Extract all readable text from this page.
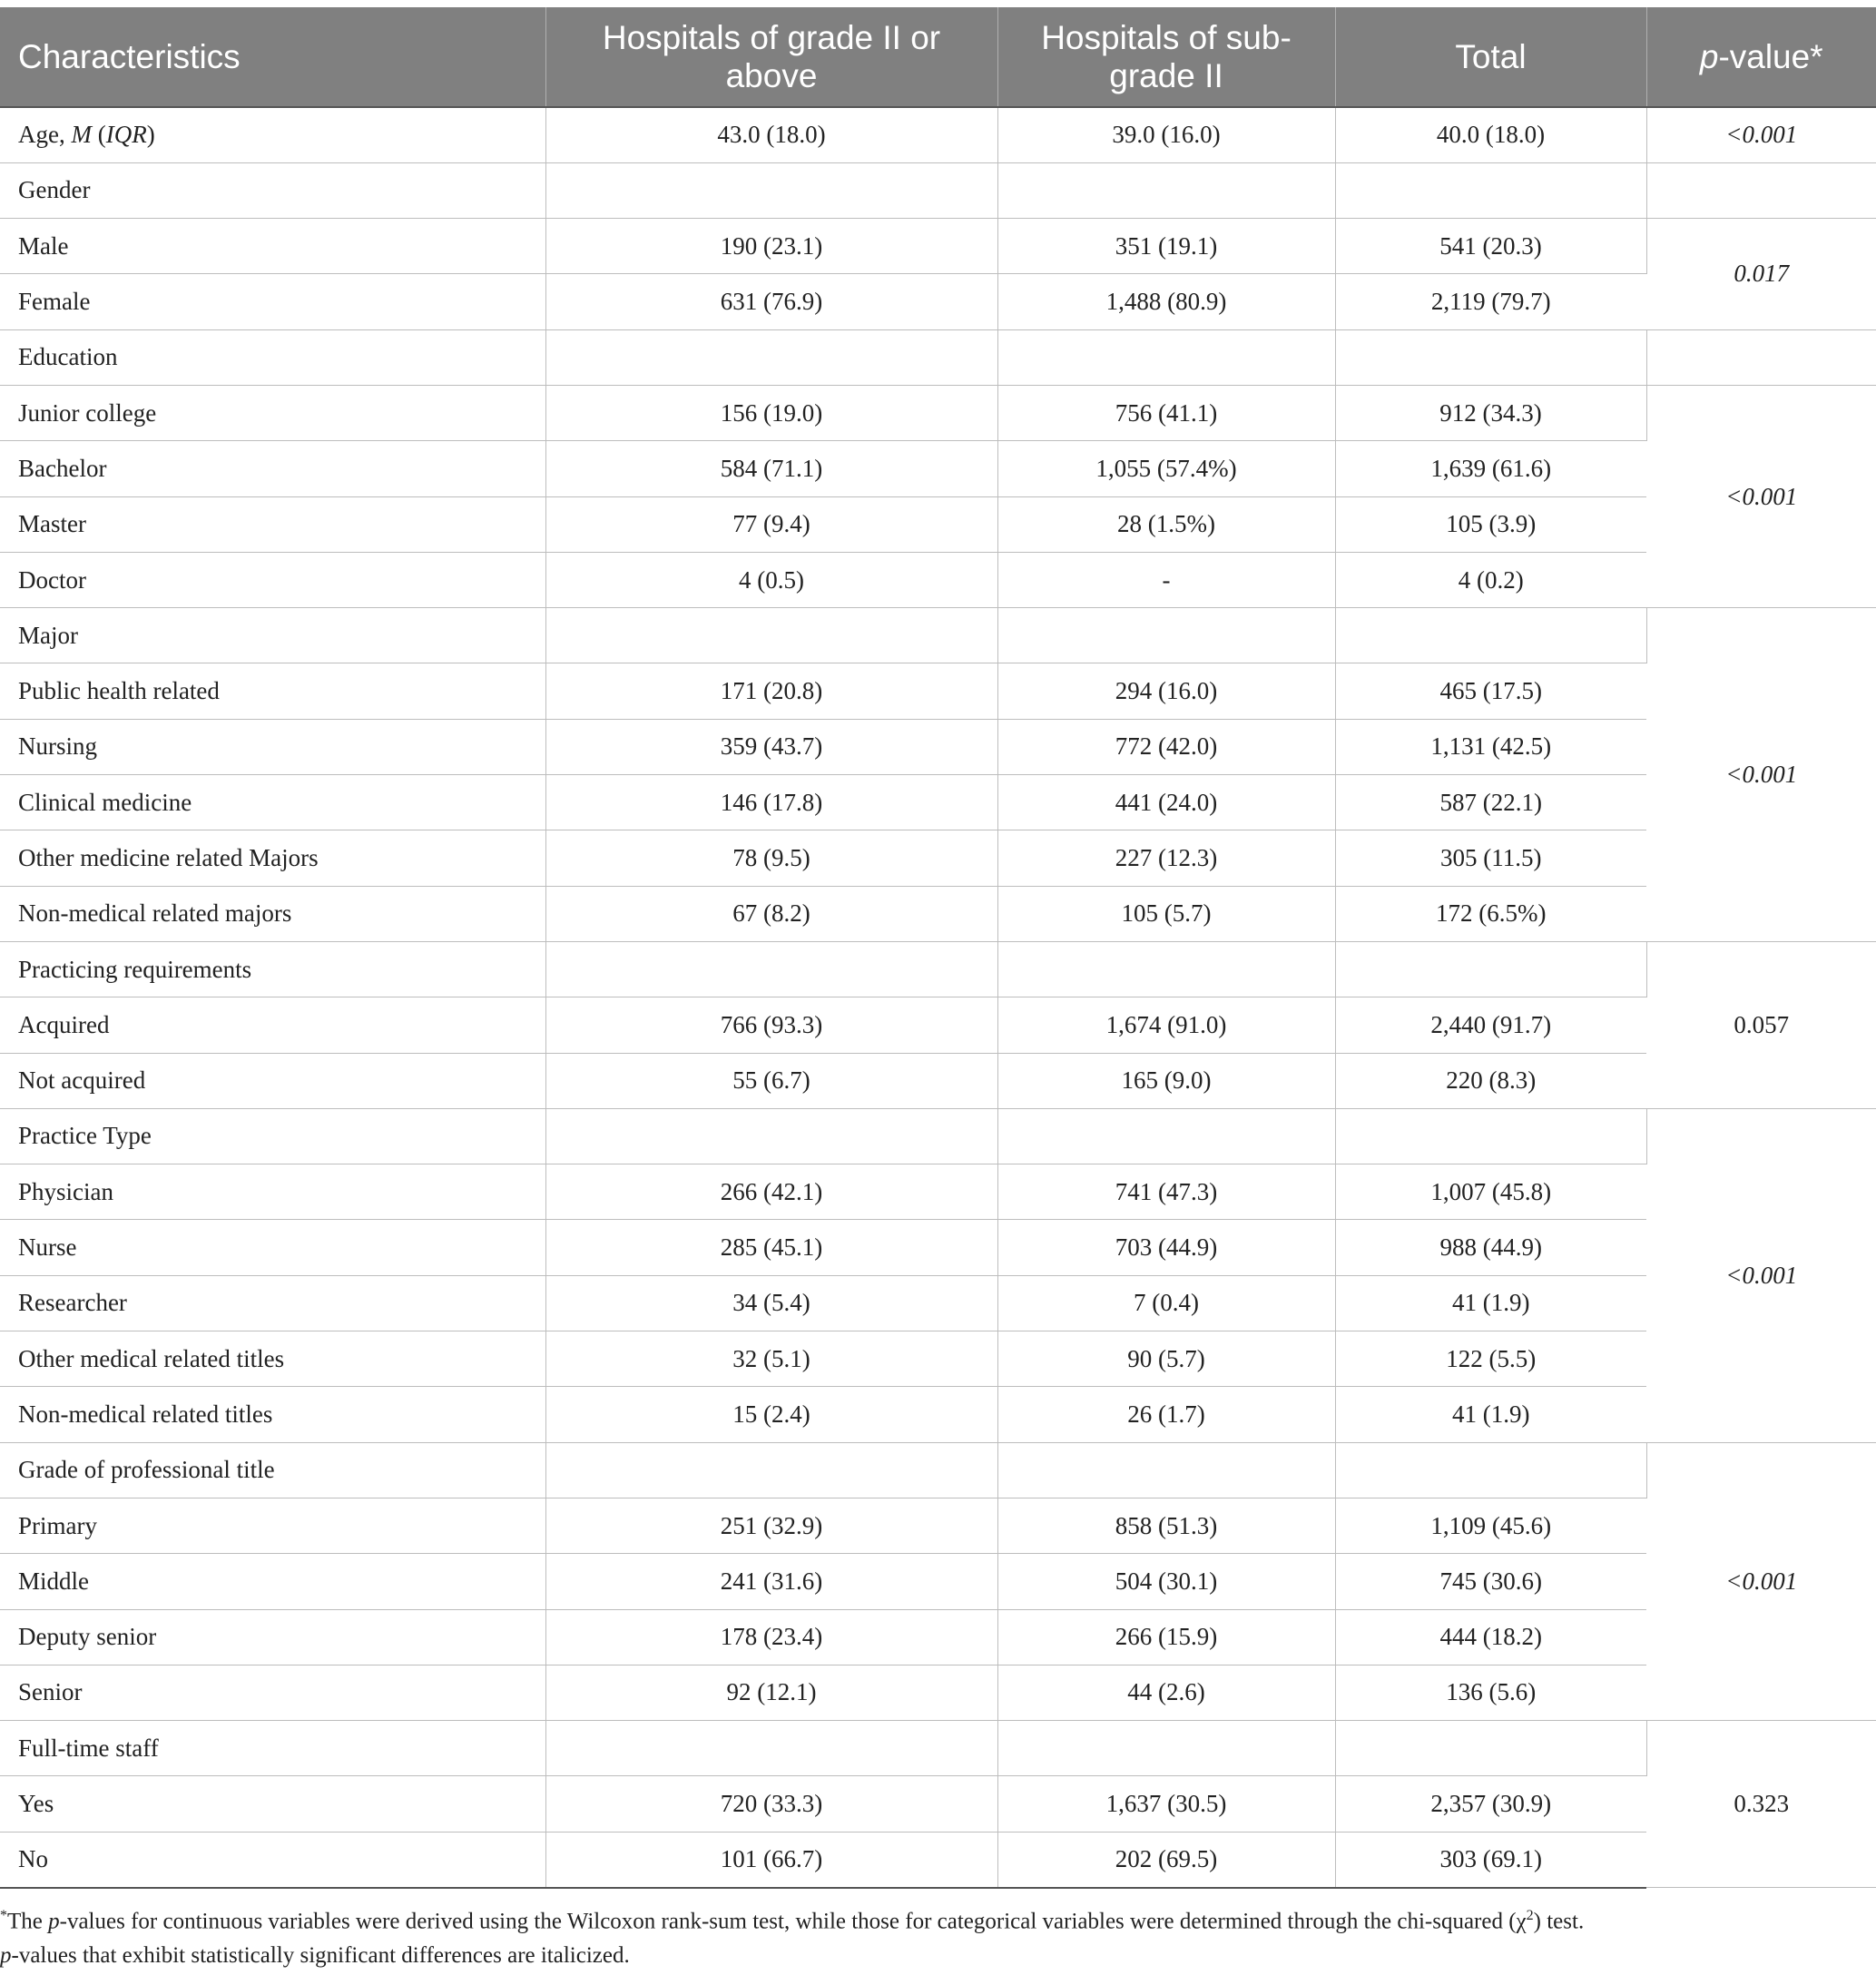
Characteristics	Hospitals of grade II or above	Hospitals of sub-grade II	Total	p-value*
Age, M (IQR)	43.0 (18.0)	39.0 (16.0)	40.0 (18.0)	<0.001
Gender				
Male	190 (23.1)	351 (19.1)	541 (20.3)	0.017
Female	631 (76.9)	1,488 (80.9)	2,119 (79.7)	
Education				
Junior college	156 (19.0)	756 (41.1)	912 (34.3)	<0.001
Bachelor	584 (71.1)	1,055 (57.4%)	1,639 (61.6)	
Master	77 (9.4)	28 (1.5%)	105 (3.9)	
Doctor	4 (0.5)	-	4 (0.2)	
Major				<0.001
Public health related	171 (20.8)	294 (16.0)	465 (17.5)	
Nursing	359 (43.7)	772 (42.0)	1,131 (42.5)	
Clinical medicine	146 (17.8)	441 (24.0)	587 (22.1)	
Other medicine related Majors	78 (9.5)	227 (12.3)	305 (11.5)	
Non-medical related majors	67 (8.2)	105 (5.7)	172 (6.5%)	
Practicing requirements				0.057
Acquired	766 (93.3)	1,674 (91.0)	2,440 (91.7)	
Not acquired	55 (6.7)	165 (9.0)	220 (8.3)	
Practice Type				<0.001
Physician	266 (42.1)	741 (47.3)	1,007 (45.8)	
Nurse	285 (45.1)	703 (44.9)	988 (44.9)	
Researcher	34 (5.4)	7 (0.4)	41 (1.9)	
Other medical related titles	32 (5.1)	90 (5.7)	122 (5.5)	
Non-medical related titles	15 (2.4)	26 (1.7)	41 (1.9)	
Grade of professional title				<0.001
Primary	251 (32.9)	858 (51.3)	1,109 (45.6)	
Middle	241 (31.6)	504 (30.1)	745 (30.6)	
Deputy senior	178 (23.4)	266 (15.9)	444 (18.2)	
Senior	92 (12.1)	44 (2.6)	136 (5.6)	
Full-time staff				0.323
Yes	720 (33.3)	1,637 (30.5)	2,357 (30.9)	
No	101 (66.7)	202 (69.5)	303 (69.1)	

*The p-values for continuous variables were derived using the Wilcoxon rank-sum test, while those for categorical variables were determined through the chi-squared $(\chi^2)$ test.

p-values that exhibit statistically significant differences are italicized.
